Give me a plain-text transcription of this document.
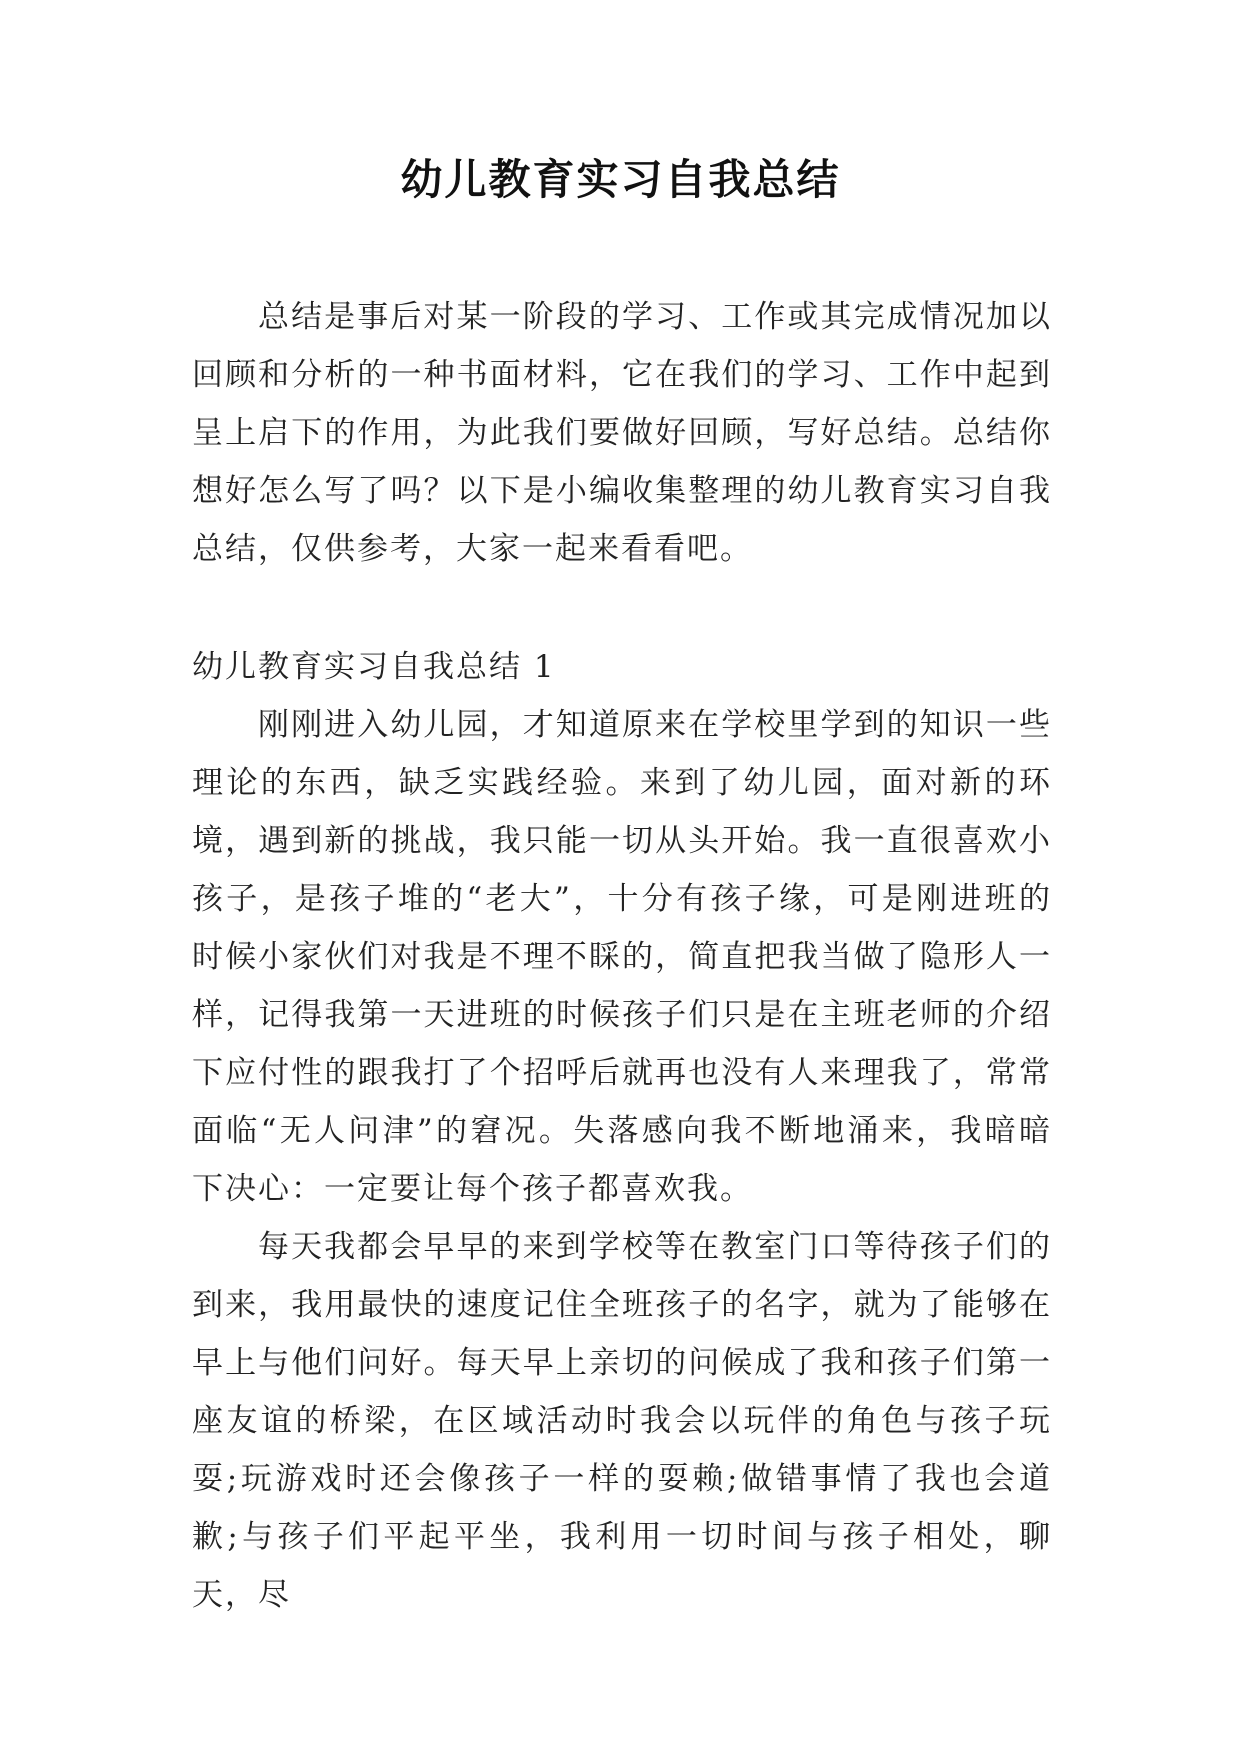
幼儿教育实习自我总结

总结是事后对某一阶段的学习、工作或其完成情况加以回顾和分析的一种书面材料，它在我们的学习、工作中起到呈上启下的作用，为此我们要做好回顾，写好总结。总结你想好怎么写了吗？以下是小编收集整理的幼儿教育实习自我总结，仅供参考，大家一起来看看吧。

幼儿教育实习自我总结 1

刚刚进入幼儿园，才知道原来在学校里学到的知识一些理论的东西，缺乏实践经验。来到了幼儿园，面对新的环境，遇到新的挑战，我只能一切从头开始。我一直很喜欢小孩子，是孩子堆的“老大”，十分有孩子缘，可是刚进班的时候小家伙们对我是不理不睬的，简直把我当做了隐形人一样，记得我第一天进班的时候孩子们只是在主班老师的介绍下应付性的跟我打了个招呼后就再也没有人来理我了，常常面临“无人问津”的窘况。失落感向我不断地涌来，我暗暗下决心：一定要让每个孩子都喜欢我。

每天我都会早早的来到学校等在教室门口等待孩子们的到来，我用最快的速度记住全班孩子的名字，就为了能够在早上与他们问好。每天早上亲切的问候成了我和孩子们第一座友谊的桥梁，在区域活动时我会以玩伴的角色与孩子玩耍;玩游戏时还会像孩子一样的耍赖;做错事情了我也会道歉;与孩子们平起平坐，我利用一切时间与孩子相处，聊天，尽
